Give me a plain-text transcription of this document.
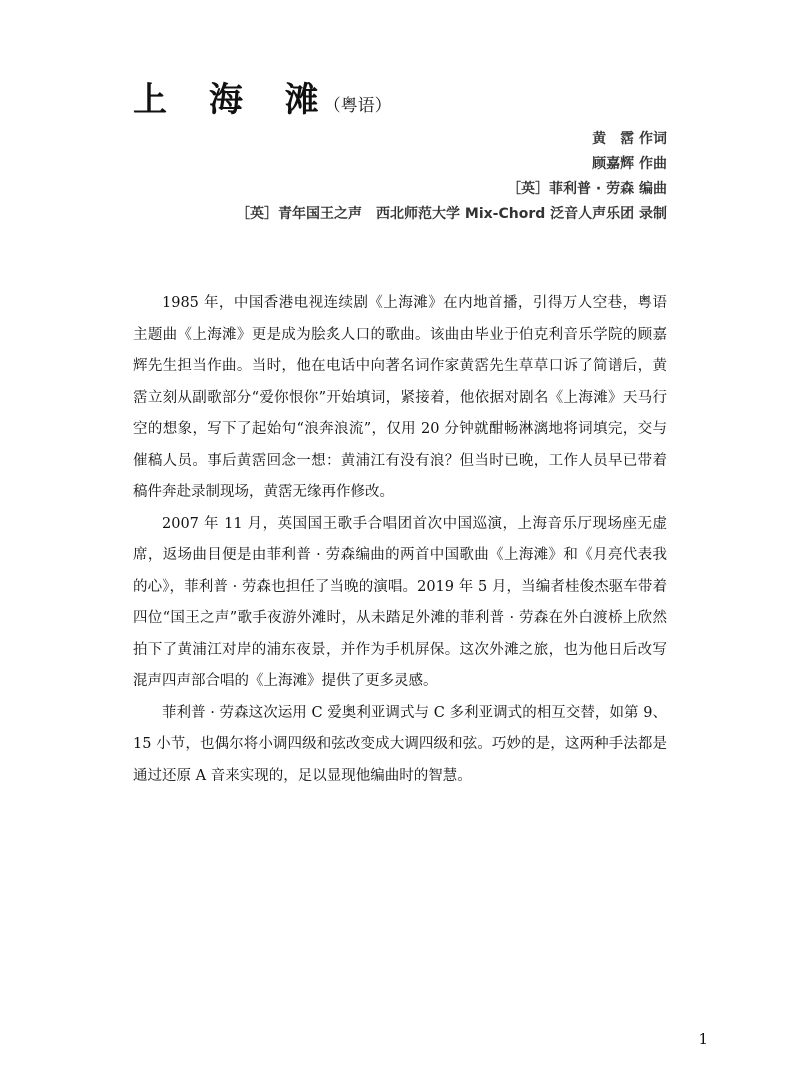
上 海 滩
（粤语）
黄　霑 作词
顾嘉辉 作曲
［英］菲利普 · 劳森 编曲
［英］青年国王之声　西北师范大学 Mix-Chord 泛音人声乐团 录制

1985 年，中国香港电视连续剧《上海滩》在内地首播，引得万人空巷，粤语主题曲《上海滩》更是成为脍炙人口的歌曲。该曲由毕业于伯克利音乐学院的顾嘉辉先生担当作曲。当时，他在电话中向著名词作家黄霑先生草草口诉了简谱后，黄霑立刻从副歌部分“爱你恨你”开始填词，紧接着，他依据对剧名《上海滩》天马行空的想象，写下了起始句“浪奔浪流”，仅用 20 分钟就酣畅淋漓地将词填完，交与催稿人员。事后黄霑回念一想：黄浦江有没有浪？但当时已晚，工作人员早已带着稿件奔赴录制现场，黄霑无缘再作修改。

2007 年 11 月，英国国王歌手合唱团首次中国巡演，上海音乐厅现场座无虚席，返场曲目便是由菲利普 · 劳森编曲的两首中国歌曲《上海滩》和《月亮代表我的心》，菲利普 · 劳森也担任了当晚的演唱。2019 年 5 月，当编者桂俊杰驱车带着四位“国王之声”歌手夜游外滩时，从未踏足外滩的菲利普 · 劳森在外白渡桥上欣然拍下了黄浦江对岸的浦东夜景，并作为手机屏保。这次外滩之旅，也为他日后改写混声四声部合唱的《上海滩》提供了更多灵感。

菲利普 · 劳森这次运用 C 爱奥利亚调式与 C 多利亚调式的相互交替，如第 9、15 小节，也偶尔将小调四级和弦改变成大调四级和弦。巧妙的是，这两种手法都是通过还原 A 音来实现的，足以显现他编曲时的智慧。

1
